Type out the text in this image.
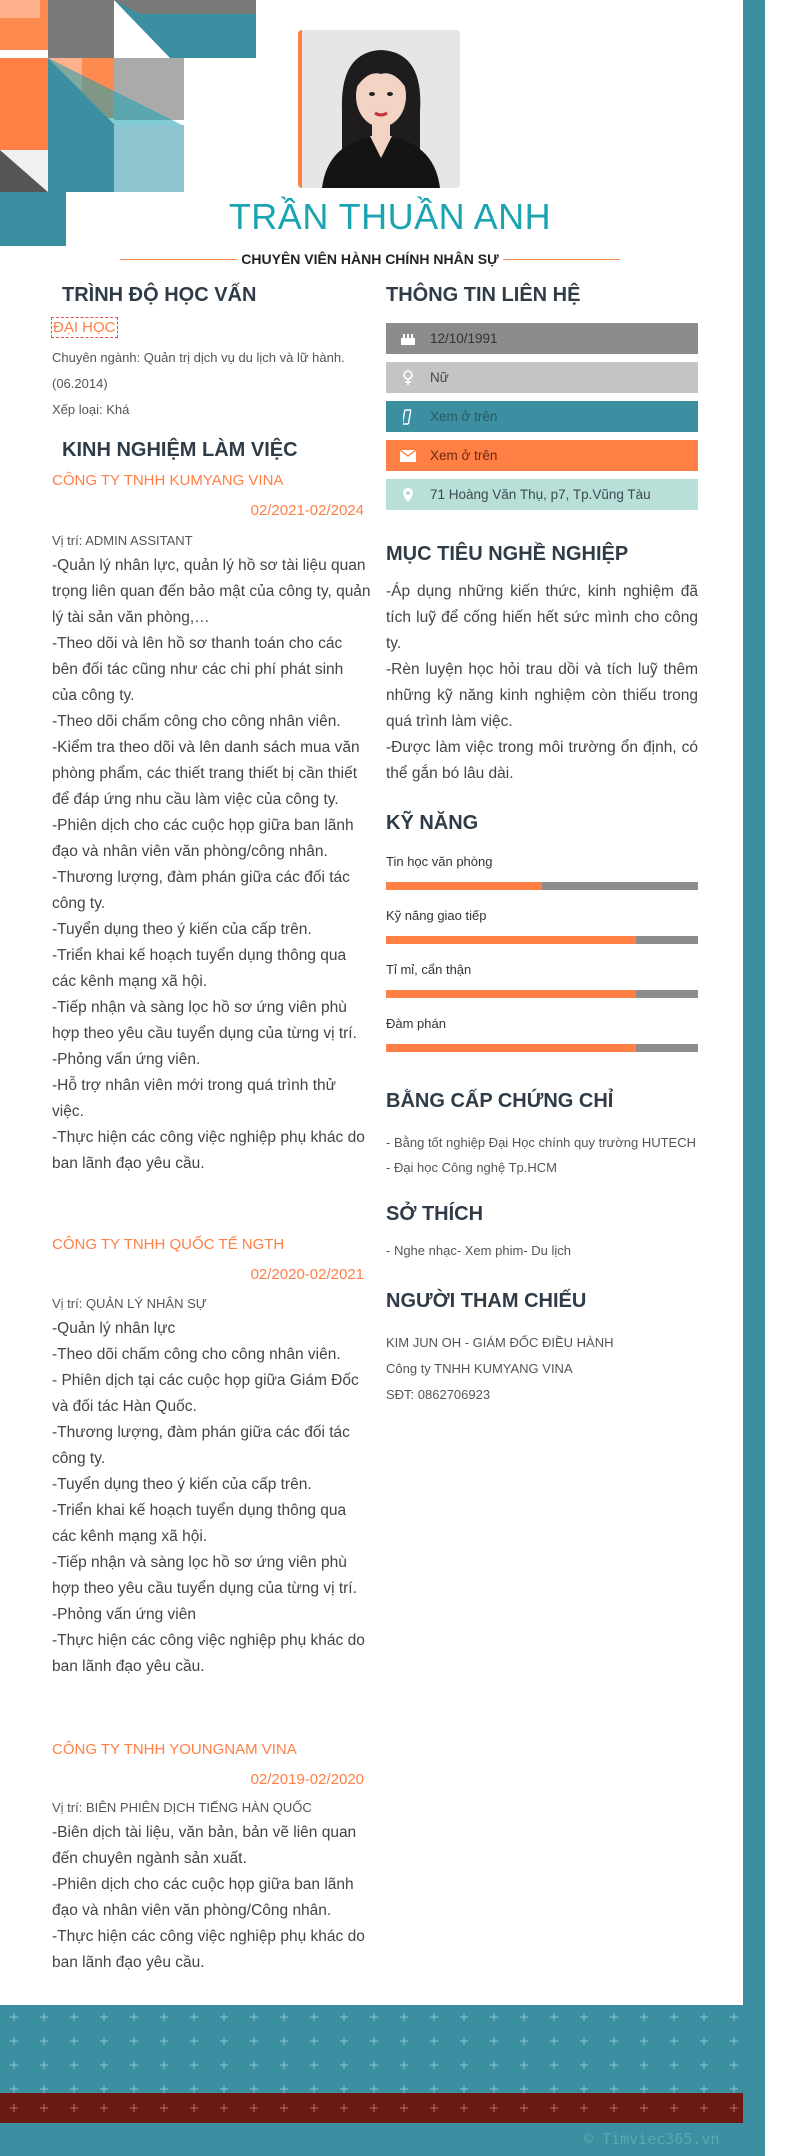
TRẦN THUẦN ANH
CHUYÊN VIÊN HÀNH CHÍNH NHÂN SỰ
TRÌNH ĐỘ HỌC VẤN
ĐẠI HỌC
Chuyên ngành: Quản trị dịch vụ du lịch và lữ hành.
(06.2014)
Xếp loại: Khá
KINH NGHIỆM LÀM VIỆC
CÔNG TY TNHH KUMYANG VINA
02/2021-02/2024
Vị trí: ADMIN ASSITANT
-Quản lý nhân lực, quản lý hồ sơ tài liệu quan trọng liên quan đến bảo mật của công ty, quản lý tài sản văn phòng,…
-Theo dõi và lên hồ sơ thanh toán cho các bên đối tác cũng như các chi phí phát sinh của công ty.
-Theo dõi chấm công cho công nhân viên.
-Kiểm tra theo dõi và lên danh sách mua văn phòng phẩm, các thiết trang thiết bị cần thiết để đáp ứng nhu cầu làm việc của công ty.
-Phiên dịch cho các cuộc họp giữa ban lãnh đạo và nhân viên văn phòng/công nhân.
-Thương lượng, đàm phán giữa các đối tác công ty.
-Tuyển dụng theo ý kiến của cấp trên.
-Triển khai kế hoạch tuyển dụng thông qua các kênh mạng xã hội.
-Tiếp nhận và sàng lọc hồ sơ ứng viên phù hợp theo yêu cầu tuyển dụng của từng vị trí.
-Phỏng vấn ứng viên.
-Hỗ trợ nhân viên mới trong quá trình thử việc.
-Thực hiện các công việc nghiệp phụ khác do ban lãnh đạo yêu cầu.
CÔNG TY TNHH QUỐC TẾ NGTH
02/2020-02/2021
Vị trí: QUẢN LÝ NHÂN SỰ
-Quản lý nhân lực
-Theo dõi chấm công cho công nhân viên.
- Phiên dịch tại các cuộc họp giữa Giám Đốc và đối tác Hàn Quốc.
-Thương lượng, đàm phán giữa các đối tác công ty.
-Tuyển dụng theo ý kiến của cấp trên.
-Triển khai kế hoạch tuyển dụng thông qua các kênh mạng xã hội.
-Tiếp nhận và sàng lọc hồ sơ ứng viên phù hợp theo yêu cầu tuyển dụng của từng vị trí.
-Phỏng vấn ứng viên
-Thực hiện các công việc nghiệp phụ khác do ban lãnh đạo yêu cầu.
CÔNG TY TNHH YOUNGNAM VINA
02/2019-02/2020
Vị trí: BIÊN PHIÊN DỊCH TIẾNG HÀN QUỐC
-Biên dịch tài liệu, văn bản, bản vẽ liên quan đến chuyên ngành sản xuất.
-Phiên dịch cho các cuộc họp giữa ban lãnh đạo và nhân viên văn phòng/Công nhân.
-Thực hiện các công việc nghiệp phụ khác do ban lãnh đạo yêu cầu.
THÔNG TIN LIÊN HỆ
12/10/1991
Nữ
Xem ở trên
Xem ở trên
71 Hoàng Văn Thụ, p7, Tp.Vũng Tàu
MỤC TIÊU NGHỀ NGHIỆP
-Áp dụng những kiến thức, kinh nghiệm đã tích luỹ để cống hiến hết sức mình cho công ty.
-Rèn luyện học hỏi trau dồi và tích luỹ thêm những kỹ năng kinh nghiệm còn thiếu trong quá trình làm việc.
-Được làm việc trong môi trường ổn định, có thể gắn bó lâu dài.
KỸ NĂNG
Tin học văn phòng
Kỹ năng giao tiếp
Tỉ mỉ, cẩn thận
Đàm phán
BẰNG CẤP CHỨNG CHỈ
- Bằng tốt nghiệp Đại Học chính quy trường HUTECH - Đại học Công nghệ Tp.HCM
SỞ THÍCH
- Nghe nhạc- Xem phim- Du lịch
NGƯỜI THAM CHIẾU
KIM JUN OH - GIÁM ĐỐC ĐIỀU HÀNH
Công ty TNHH KUMYANG VINA
SĐT: 0862706923
© Timviec365.vn
